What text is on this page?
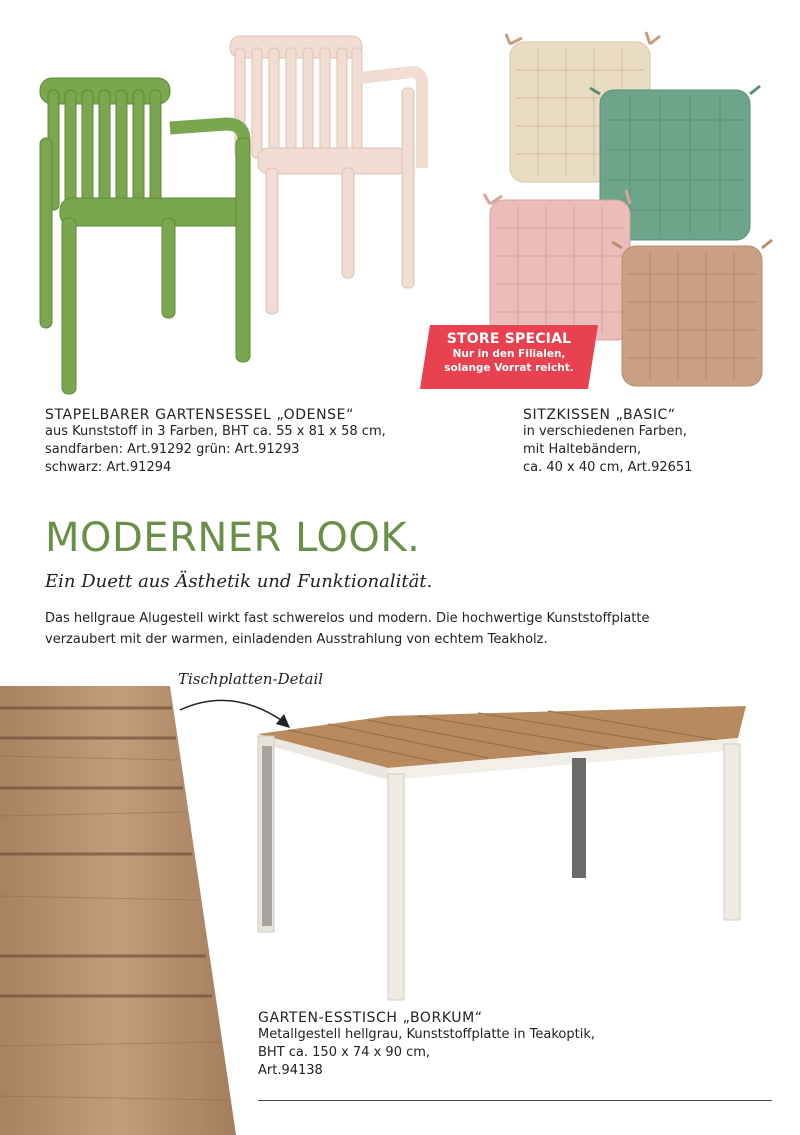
STORE SPECIAL
Nur in den Filialen,
solange Vorrat reicht.

STAPELBARER GARTENSESSEL „ODENSE“

aus Kunststoff in 3 Farben, BHT ca. 55 x 81 x 58 cm,

sandfarben: Art.91292 grün: Art.91293

schwarz: Art.91294

SITZKISSEN „BASIC“

in verschiedenen Farben,

mit Haltebändern,

ca. 40 x 40 cm, Art.92651

MODERNER LOOK.

Ein Duett aus Ästhetik und Funktionalität.

Das hellgraue Alugestell wirkt fast schwerelos und modern. Die hochwertige Kunststoffplatte
verzaubert mit der warmen, einladenden Ausstrahlung von echtem Teakholz.
Tischplatten-Detail

GARTEN-ESSTISCH „BORKUM“

Metallgestell hellgrau, Kunststoffplatte in Teakoptik,

BHT ca. 150 x 74 x 90 cm,

Art.94138
